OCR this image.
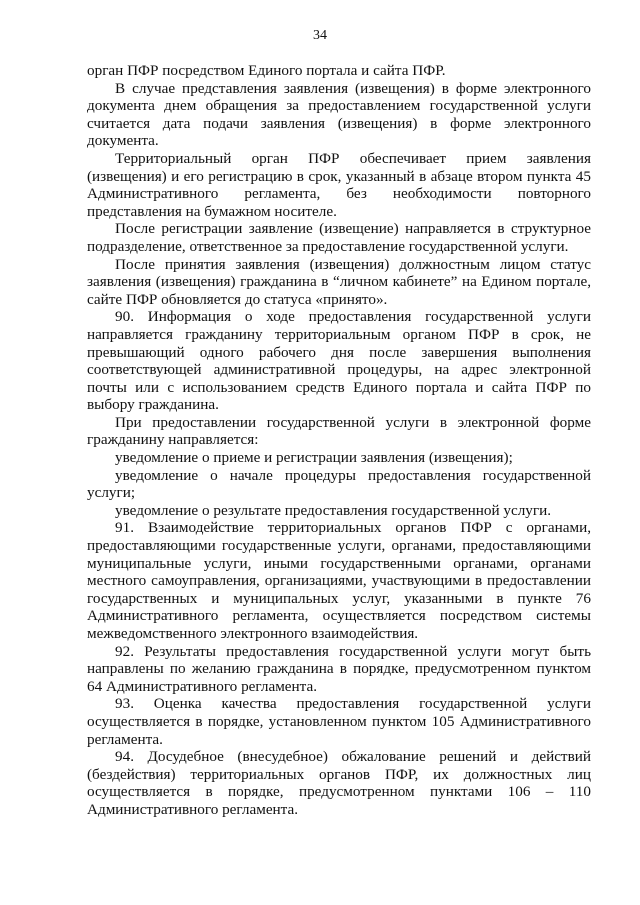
34

орган ПФР посредством Единого портала и сайта ПФР.

В случае представления заявления (извещения) в форме электронного документа днем обращения за предоставлением государственной услуги считается дата подачи заявления (извещения) в форме электронного документа.

Территориальный орган ПФР обеспечивает прием заявления (извещения) и его регистрацию в срок, указанный в абзаце втором пункта 45 Административного регламента, без необходимости повторного представления на бумажном носителе.

После регистрации заявление (извещение) направляется в структурное подразделение, ответственное за предоставление государственной услуги.

После принятия заявления (извещения) должностным лицом статус заявления (извещения) гражданина в “личном кабинете” на Едином портале, сайте ПФР обновляется до статуса «принято».

90. Информация о ходе предоставления государственной услуги направляется гражданину территориальным органом ПФР в срок, не превышающий одного рабочего дня после завершения выполнения соответствующей административной процедуры, на адрес электронной почты или с использованием средств Единого портала и сайта ПФР по выбору гражданина.

При предоставлении государственной услуги в электронной форме гражданину направляется:

уведомление о приеме и регистрации заявления (извещения);

уведомление о начале процедуры предоставления государственной услуги;

уведомление о результате предоставления государственной услуги.

91. Взаимодействие территориальных органов ПФР с органами, предоставляющими государственные услуги, органами, предоставляющими муниципальные услуги, иными государственными органами, органами местного самоуправления, организациями, участвующими в предоставлении государственных и муниципальных услуг, указанными в пункте 76 Административного регламента, осуществляется посредством системы межведомственного электронного взаимодействия.

92. Результаты предоставления государственной услуги могут быть направлены по желанию гражданина в порядке, предусмотренном пунктом 64 Административного регламента.

93. Оценка качества предоставления государственной услуги осуществляется в порядке, установленном пунктом 105 Административного регламента.

94. Досудебное (внесудебное) обжалование решений и действий (бездействия) территориальных органов ПФР, их должностных лиц осуществляется в порядке, предусмотренном пунктами 106 – 110 Административного регламента.
